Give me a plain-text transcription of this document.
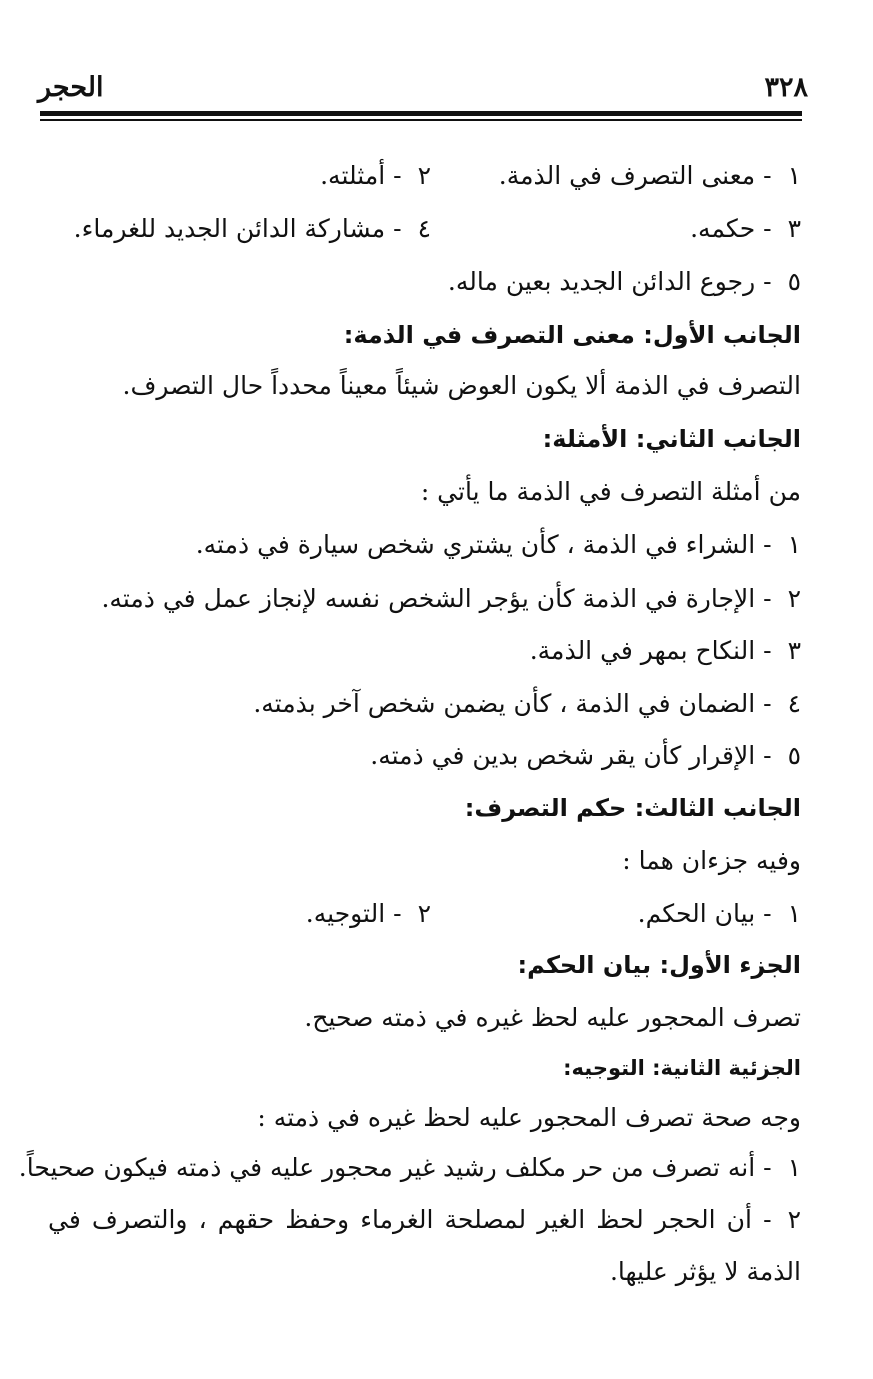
٣٢٨
الحجر
١- معنى التصرف في الذمة.
٢- أمثلته.
٣- حكمه.
٤- مشاركة الدائن الجديد للغرماء.
٥- رجوع الدائن الجديد بعين ماله.
الجانب الأول: معنى التصرف في الذمة:
التصرف في الذمة ألا يكون العوض شيئاً معيناً محدداً حال التصرف.
الجانب الثاني: الأمثلة:
من أمثلة التصرف في الذمة ما يأتي :
١- الشراء في الذمة ، كأن يشتري شخص سيارة في ذمته.
٢- الإجارة في الذمة كأن يؤجر الشخص نفسه لإنجاز عمل في ذمته.
٣- النكاح بمهر في الذمة.
٤- الضمان في الذمة ، كأن يضمن شخص آخر بذمته.
٥- الإقرار كأن يقر شخص بدين في ذمته.
الجانب الثالث: حكم التصرف:
وفيه جزءان هما :
١- بيان الحكم.
٢- التوجيه.
الجزء الأول: بيان الحكم:
تصرف المحجور عليه لحظ غيره في ذمته صحيح.
الجزئية الثانية: التوجيه:
وجه صحة تصرف المحجور عليه لحظ غيره في ذمته :
١- أنه تصرف من حر مكلف رشيد غير محجور عليه في ذمته فيكون صحيحاً.
٢- أن الحجر لحظ الغير لمصلحة الغرماء وحفظ حقهم ، والتصرف في
الذمة لا يؤثر عليها.
